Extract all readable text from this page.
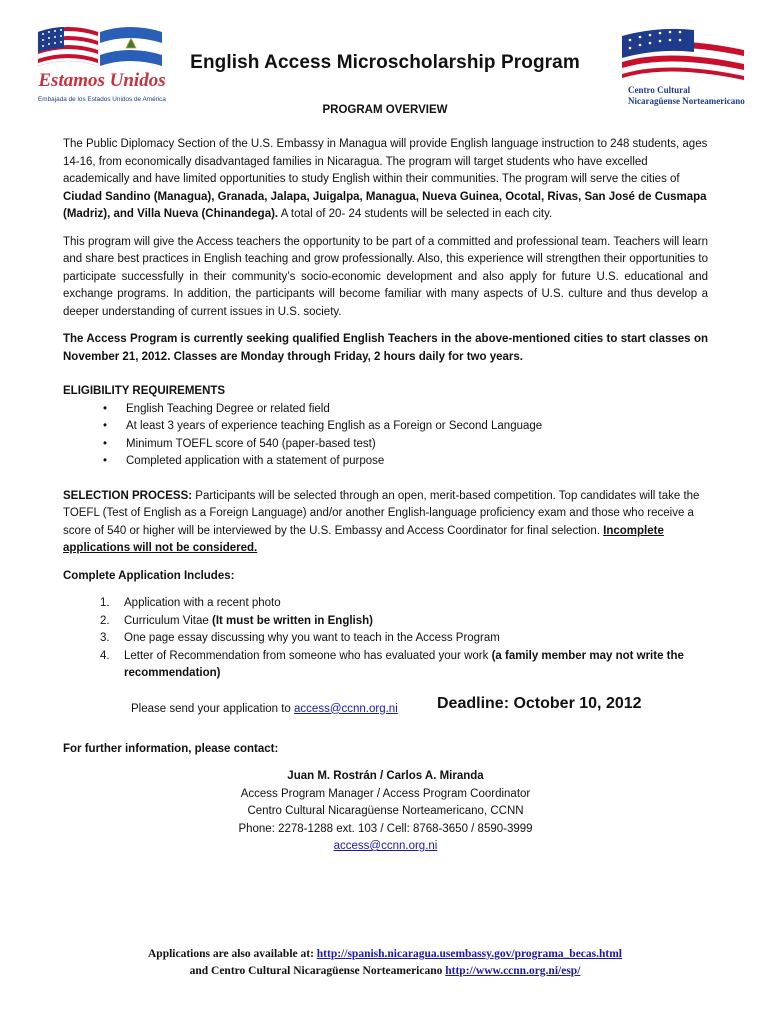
Estamos Unidos
Embajada de los Estados Unidos de América
Centro Cultural
Nicaragüense Norteamericano
English Access Microscholarship Program
PROGRAM OVERVIEW

The Public Diplomacy Section of the U.S. Embassy in Managua will provide English language instruction to 248 students, ages 14-16, from economically disadvantaged families in Nicaragua. The program will target students who have excelled academically and have limited opportunities to study English within their communities. The program will serve the cities of Ciudad Sandino (Managua), Granada, Jalapa, Juigalpa, Managua, Nueva Guinea, Ocotal, Rivas, San José de Cusmapa (Madriz), and Villa Nueva (Chinandega). A total of 20- 24 students will be selected in each city.

This program will give the Access teachers the opportunity to be part of a committed and professional team. Teachers will learn and share best practices in English teaching and grow professionally. Also, this experience will strengthen their opportunities to participate successfully in their community’s socio-economic development and also apply for future U.S. educational and exchange programs. In addition, the participants will become familiar with many aspects of U.S. culture and thus develop a deeper understanding of current issues in U.S. society.

The Access Program is currently seeking qualified English Teachers in the above-mentioned cities to start classes on November 21, 2012. Classes are Monday through Friday, 2 hours daily for two years.

ELIGIBILITY REQUIREMENTS

• English Teaching Degree or related field
• At least 3 years of experience teaching English as a Foreign or Second Language
• Minimum TOEFL score of 540 (paper-based test)
• Completed application with a statement of purpose

SELECTION PROCESS: Participants will be selected through an open, merit-based competition. Top candidates will take the TOEFL (Test of English as a Foreign Language) and/or another English-language proficiency exam and those who receive a score of 540 or higher will be interviewed by the U.S. Embassy and Access Coordinator for final selection. Incomplete applications will not be considered.

Complete Application Includes:

1. Application with a recent photo
2. Curriculum Vitae (It must be written in English)
3. One page essay discussing why you want to teach in the Access Program
4. Letter of Recommendation from someone who has evaluated your work (a family member may not write the recommendation)
Please send your application to access@ccnn.org.ni Deadline: October 10, 2012

For further information, please contact:

Juan M. Rostrán / Carlos A. Miranda

Access Program Manager / Access Program Coordinator

Centro Cultural Nicaragüense Norteamericano, CCNN

Phone: 2278-1288 ext. 103 / Cell: 8768-3650 / 8590-3999

access@ccnn.org.ni

Applications are also available at: http://spanish.nicaragua.usembassy.gov/programa_becas.html
and Centro Cultural Nicaragüense Norteamericano http://www.ccnn.org.ni/esp/
